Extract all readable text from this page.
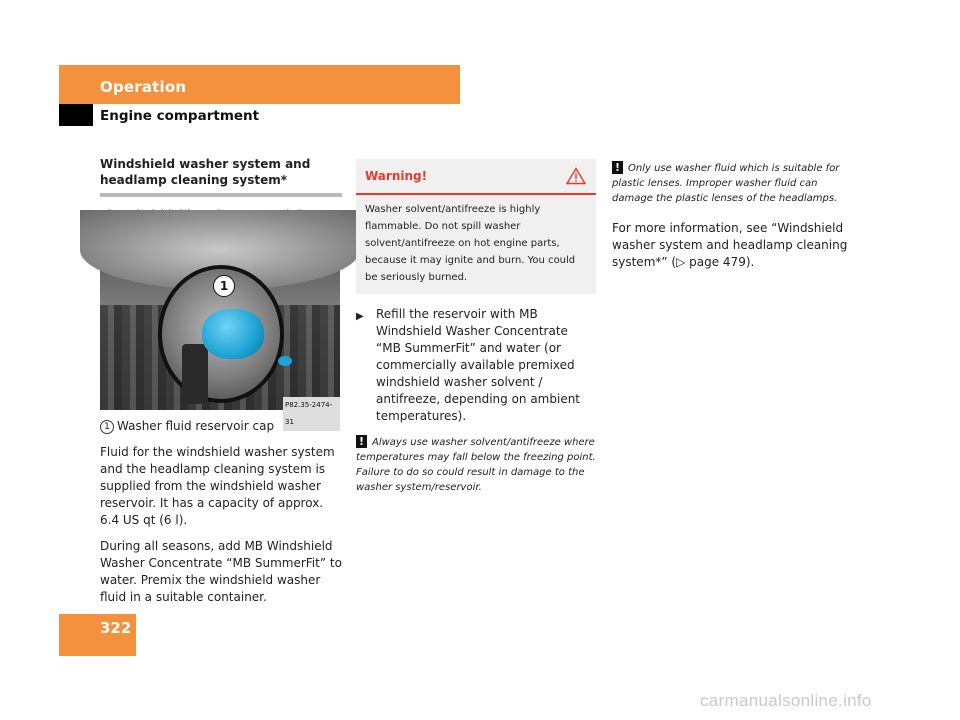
Operation
Engine compartment
Windshield washer system and headlamp cleaning system*

1
P82.35-2474-31
1 Washer fluid reservoir cap

Fluid for the windshield washer system and the headlamp cleaning system is supplied from the windshield washer reservoir. It has a capacity of approx. 6.4 US qt (6 l).

During all seasons, add MB Windshield Washer Concentrate “MB SummerFit” to water. Premix the windshield washer fluid in a suitable container.

Warning!
Washer solvent/antifreeze is highly flammable. Do not spill washer solvent/antifreeze on hot engine parts, because it may ignite and burn. You could be seriously burned.
▶	Refill the reservoir with MB Windshield Washer Concentrate “MB SummerFit” and water (or commercially available premixed windshield washer solvent / antifreeze, depending on ambient temperatures).
! Always use washer solvent/antifreeze where temperatures may fall below the freezing point. Failure to do so could result in damage to the washer system/reservoir.
! Only use washer fluid which is suitable for plastic lenses. Improper washer fluid can damage the plastic lenses of the headlamps.

For more information, see “Windshield washer system and headlamp cleaning system*” (▷ page 479).

322
carmanualsonline.info
